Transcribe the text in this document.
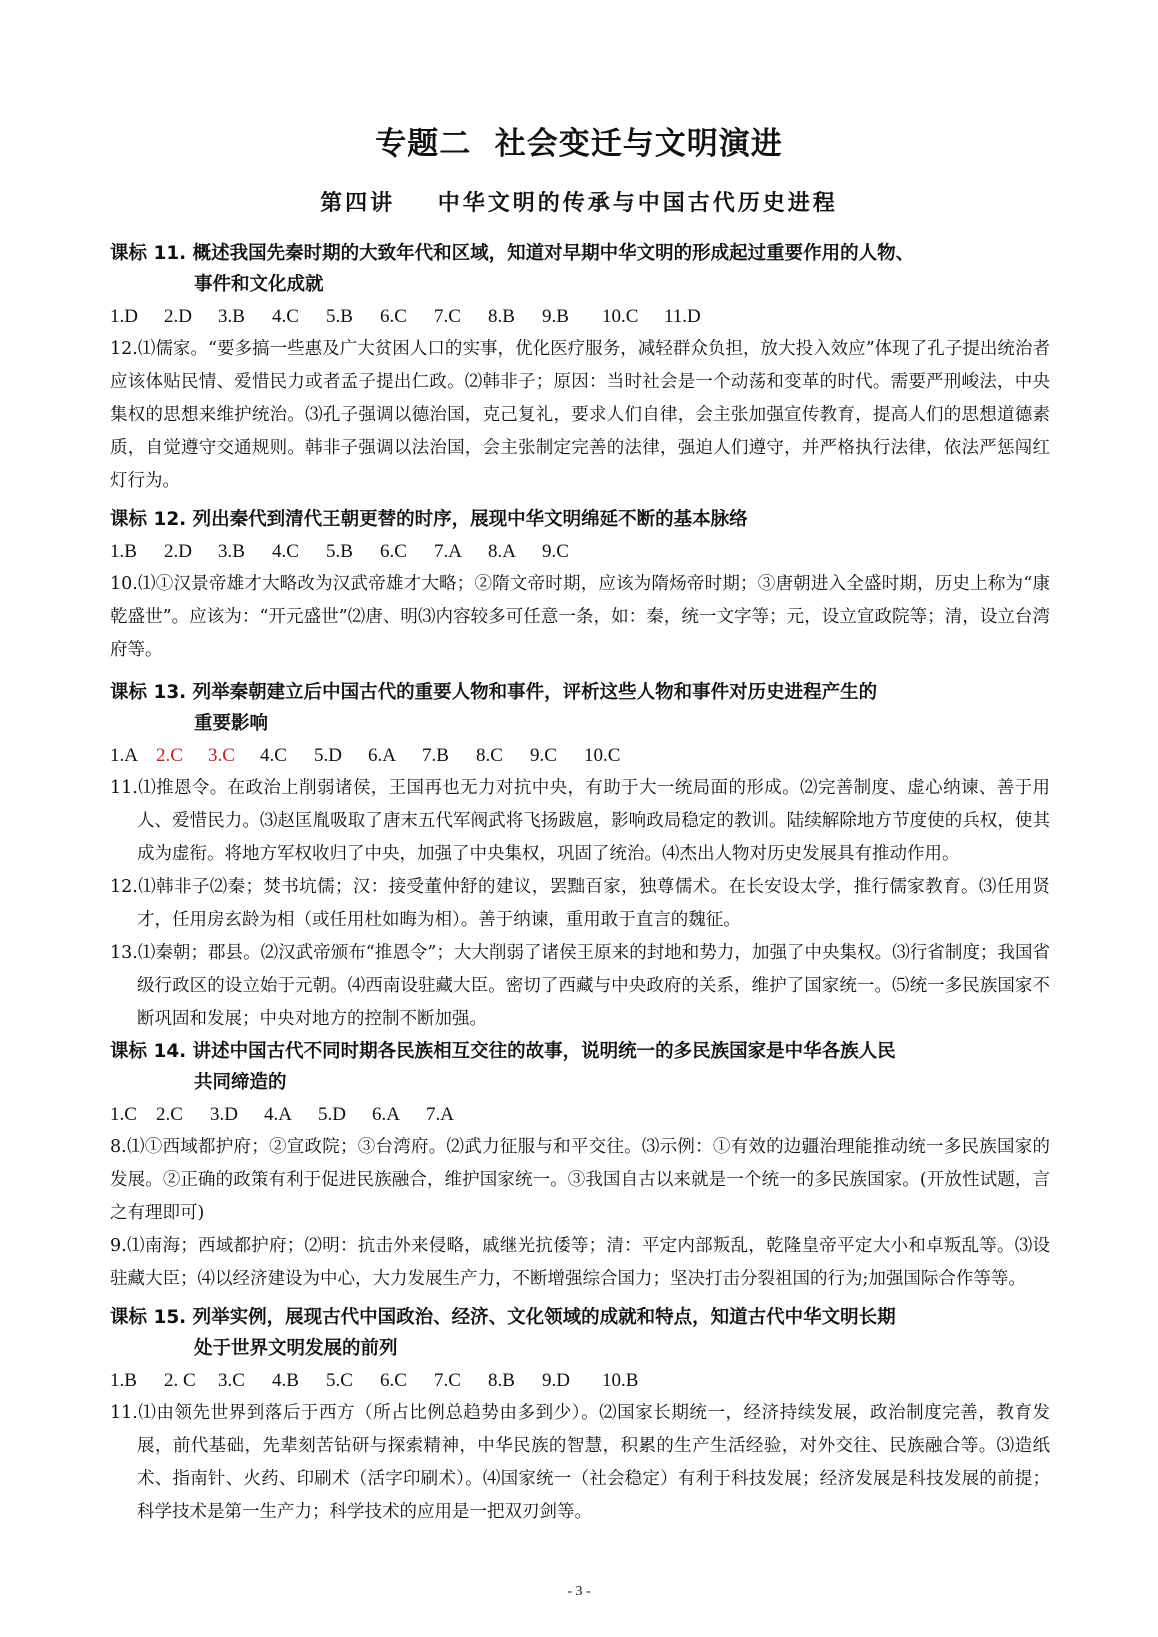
专题二  社会变迁与文明演进
第四讲    中华文明的传承与中国古代历史进程
课标 11. 概述我国先秦时期的大致年代和区域，知道对早期中华文明的形成起过重要作用的人物、
事件和文化成就
1.D	2.D	3.B	4.C	5.B	6.C	7.C	8.B	9.B	10.C	11.D
12.⑴儒家。“要多搞一些惠及广大贫困人口的实事，优化医疗服务，减轻群众负担，放大投入效应”体现了孔子提出统治者应该体贴民情、爱惜民力或者孟子提出仁政。⑵韩非子；原因：当时社会是一个动荡和变革的时代。需要严刑峻法，中央集权的思想来维护统治。⑶孔子强调以德治国，克己复礼，要求人们自律，会主张加强宣传教育，提高人们的思想道德素质，自觉遵守交通规则。韩非子强调以法治国，会主张制定完善的法律，强迫人们遵守，并严格执行法律，依法严惩闯红灯行为。
课标 12. 列出秦代到清代王朝更替的时序，展现中华文明绵延不断的基本脉络
1.B	2.D	3.B	4.C	5.B	6.C	7.A	8.A	9.C
10.⑴①汉景帝雄才大略改为汉武帝雄才大略；②隋文帝时期，应该为隋炀帝时期；③唐朝进入全盛时期，历史上称为“康乾盛世”。应该为：“开元盛世”⑵唐、明⑶内容较多可任意一条，如：秦，统一文字等；元，设立宣政院等；清，设立台湾府等。
课标 13. 列举秦朝建立后中国古代的重要人物和事件，评析这些人物和事件对历史进程产生的
重要影响
1.A 2.C	3.C	4.C	5.D	6.A	7.B	8.C	9.C	10.C
11.⑴推恩令。在政治上削弱诸侯，王国再也无力对抗中央，有助于大一统局面的形成。⑵完善制度、虚心纳谏、善于用人、爱惜民力。⑶赵匡胤吸取了唐末五代军阀武将飞扬跋扈，影响政局稳定的教训。陆续解除地方节度使的兵权，使其成为虚衔。将地方军权收归了中央，加强了中央集权，巩固了统治。⑷杰出人物对历史发展具有推动作用。
12.⑴韩非子⑵秦；焚书坑儒；汉：接受董仲舒的建议，罢黜百家，独尊儒术。在长安设太学，推行儒家教育。⑶任用贤才，任用房玄龄为相（或任用杜如晦为相）。善于纳谏，重用敢于直言的魏征。
13.⑴秦朝；郡县。⑵汉武帝颁布“推恩令”；大大削弱了诸侯王原来的封地和势力，加强了中央集权。⑶行省制度；我国省级行政区的设立始于元朝。⑷西南设驻藏大臣。密切了西藏与中央政府的关系，维护了国家统一。⑸统一多民族国家不断巩固和发展；中央对地方的控制不断加强。
课标 14. 讲述中国古代不同时期各民族相互交往的故事，说明统一的多民族国家是中华各族人民
共同缔造的
1.C	2.C	3.D	4.A	5.D	6.A	7.A
8.⑴①西域都护府；②宣政院；③台湾府。⑵武力征服与和平交往。⑶示例：①有效的边疆治理能推动统一多民族国家的发展。②正确的政策有利于促进民族融合，维护国家统一。③我国自古以来就是一个统一的多民族国家。(开放性试题，言之有理即可)
9.⑴南海；西域都护府；⑵明：抗击外来侵略，戚继光抗倭等；清：平定内部叛乱，乾隆皇帝平定大小和卓叛乱等。⑶设驻藏大臣；⑷以经济建设为中心，大力发展生产力，不断增强综合国力；坚决打击分裂祖国的行为;加强国际合作等等。
课标 15. 列举实例，展现古代中国政治、经济、文化领域的成就和特点，知道古代中华文明长期
处于世界文明发展的前列
1.B	2. C	3.C	4.B	5.C	6.C	7.C	8.B	9.D	10.B
11.⑴由领先世界到落后于西方（所占比例总趋势由多到少）。⑵国家长期统一，经济持续发展，政治制度完善，教育发展，前代基础，先辈刻苦钻研与探索精神，中华民族的智慧，积累的生产生活经验，对外交往、民族融合等。⑶造纸术、指南针、火药、印刷术（活字印刷术）。⑷国家统一（社会稳定）有利于科技发展；经济发展是科技发展的前提；科学技术是第一生产力；科学技术的应用是一把双刃剑等。
- 3 -
